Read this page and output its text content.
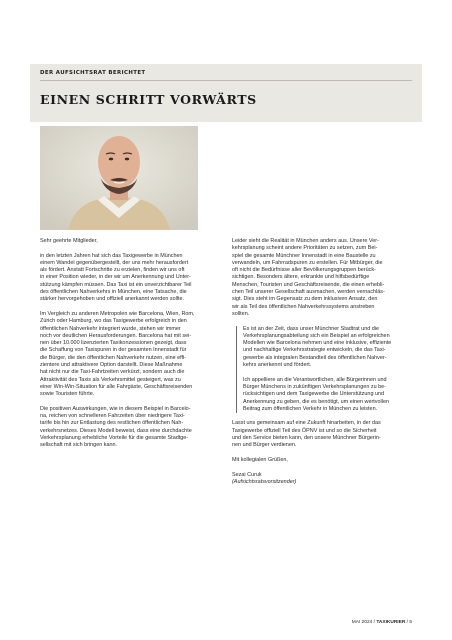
DER AUFSICHTSRAT BERICHTET
EINEN SCHRITT VORWÄRTS

Sehr geehrte Mitglieder,

in den letzten Jahren hat sich das Taxigewerbe in München
einem Wandel gegenübergestellt, der uns mehr herausfordert
als fördert. Anstatt Fortschritte zu erzielen, finden wir uns oft
in einer Position wieder, in der wir um Anerkennung und Unter-
stützung kämpfen müssen. Das Taxi ist ein unverzichtbarer Teil
des öffentlichen Nahverkehrs in München, eine Tatsache, die
stärker hervorgehoben und offiziell anerkannt werden sollte.

Im Vergleich zu anderen Metropolen wie Barcelona, Wien, Rom,
Zürich oder Hamburg, wo das Taxigewerbe erfolgreich in den
öffentlichen Nahverkehr integriert wurde, stehen wir immer
noch vor deutlichen Herausforderungen. Barcelona hat mit sei-
nen über 10.000 lizenzierten Taxikonzessionen gezeigt, dass
die Schaffung von Taxispuren in der gesamten Innenstadt für
die Bürger, die den öffentlichen Nahverkehr nutzen, eine effi-
zientere und attraktivere Option darstellt. Diese Maßnahme
hat nicht nur die Taxi-Fahrtzeiten verkürzt, sondern auch die
Attraktivität des Taxis als Verkehrsmittel gesteigert, was zu
einer Win-Win-Situation für alle Fahrgäste, Geschäftsreisenden
sowie Touristen führte.

Die positiven Auswirkungen, wie in diesem Beispiel in Barcelo-
na, reichen von schnelleren Fahrzeiten über niedrigere Taxi-
tarife bis hin zur Entlastung des restlichen öffentlichen Nah-
verkehrsnetzes. Dieses Modell beweist, dass eine durchdachte
Verkehrsplanung erhebliche Vorteile für die gesamte Stadtge-
sellschaft mit sich bringen kann.

Leider sieht die Realität in München anders aus. Unsere Ver-
kehrsplanung scheint andere Prioritäten zu setzen, zum Bei-
spiel die gesamte Münchner Innenstadt in eine Baustelle zu
verwandeln, um Fahrradspuren zu erstellen. Für Mitbürger, die
oft nicht die Bedürfnisse aller Bevölkerungsgruppen berück-
sichtigen. Besonders ältere, erkrankte und hilfsbedürftige
Menschen, Touristen und Geschäftsreisende, die einen erhebli-
chen Teil unserer Gesellschaft ausmachen, werden vernachläs-
sigt. Dies steht im Gegensatz zu dem inklusiven Ansatz, den
wir als Teil des öffentlichen Nahverkehrssystems anstreben
sollten.

Es ist an der Zeit, dass unser Münchner Stadtrat und die
Verkehrsplanungsabteilung sich ein Beispiel an erfolgreichen
Modellen wie Barcelona nehmen und eine inklusive, effiziente
und nachhaltige Verkehrsstrategie entwickeln, die das Taxi-
gewerbe als integralen Bestandteil des öffentlichen Nahver-
kehrs anerkennt und fördert.

Ich appelliere an die Verantwortlichen, alle Bürgerinnen und
Bürger Münchens in zukünftigen Verkehrsplanungen zu be-
rücksichtigen und dem Taxigewerbe die Unterstützung und
Anerkennung zu geben, die es benötigt, um einen wertvollen
Beitrag zum öffentlichen Verkehr in München zu leisten.

Lasst uns gemeinsam auf eine Zukunft hinarbeiten, in der das
Taxigewerbe offiziell Teil des ÖPNV ist und so die Sicherheit
und den Service bieten kann, den unsere Münchner Bürgerin-
nen und Bürger verdienen.

Mit kollegialen Grüßen,

Sezai Curuk
(Aufsichtsratsvorsitzender)

MAI 2024 / TAXIKURIER / 5
